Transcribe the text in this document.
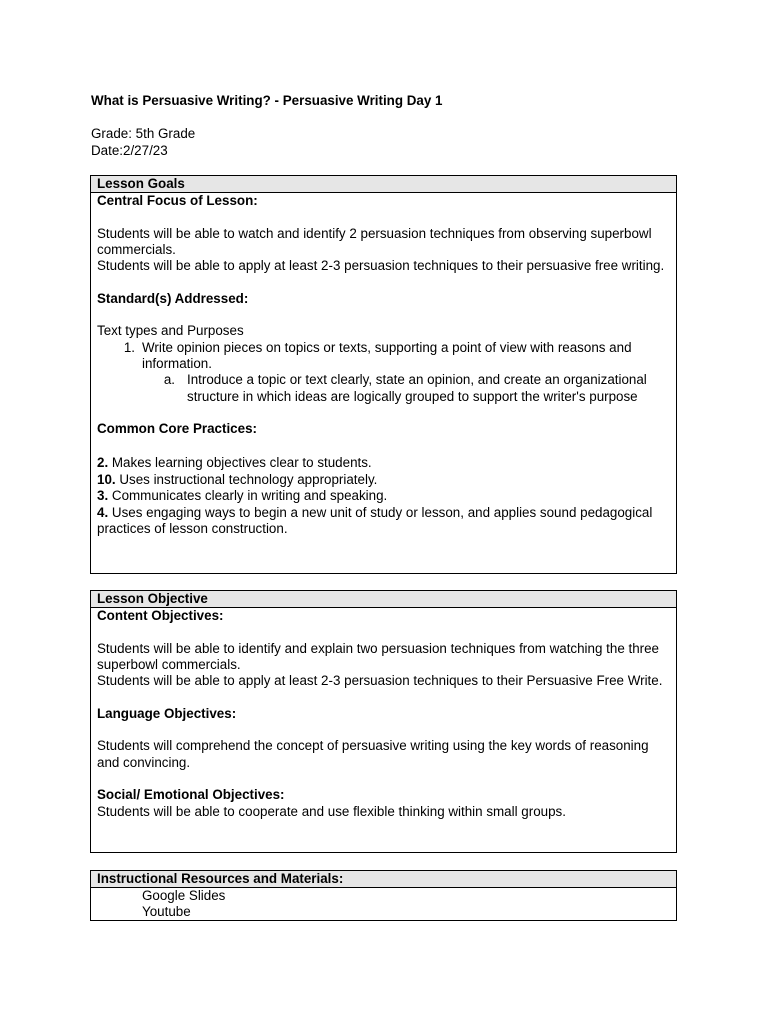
What is Persuasive Writing? - Persuasive Writing Day 1
Grade: 5th Grade
Date:2/27/23
Lesson Goals
Central Focus of Lesson:
Students will be able to watch and identify 2 persuasion techniques from observing superbowl commercials.
Students will be able to apply at least 2-3 persuasion techniques to their persuasive free writing.
Standard(s) Addressed:
Text types and Purposes
1. Write opinion pieces on topics or texts, supporting a point of view with reasons and information.
a. Introduce a topic or text clearly, state an opinion, and create an organizational structure in which ideas are logically grouped to support the writer's purpose
Common Core Practices:
2. Makes learning objectives clear to students.
10. Uses instructional technology appropriately.
3. Communicates clearly in writing and speaking.
4. Uses engaging ways to begin a new unit of study or lesson, and applies sound pedagogical practices of lesson construction.
Lesson Objective
Content Objectives:
Students will be able to identify and explain two persuasion techniques from watching the three superbowl commercials.
Students will be able to apply at least 2-3 persuasion techniques to their Persuasive Free Write.
Language Objectives:
Students will comprehend the concept of persuasive writing using the key words of reasoning and convincing.
Social/ Emotional Objectives:
Students will be able to cooperate and use flexible thinking within small groups.
Instructional Resources and Materials:
Google Slides
Youtube
